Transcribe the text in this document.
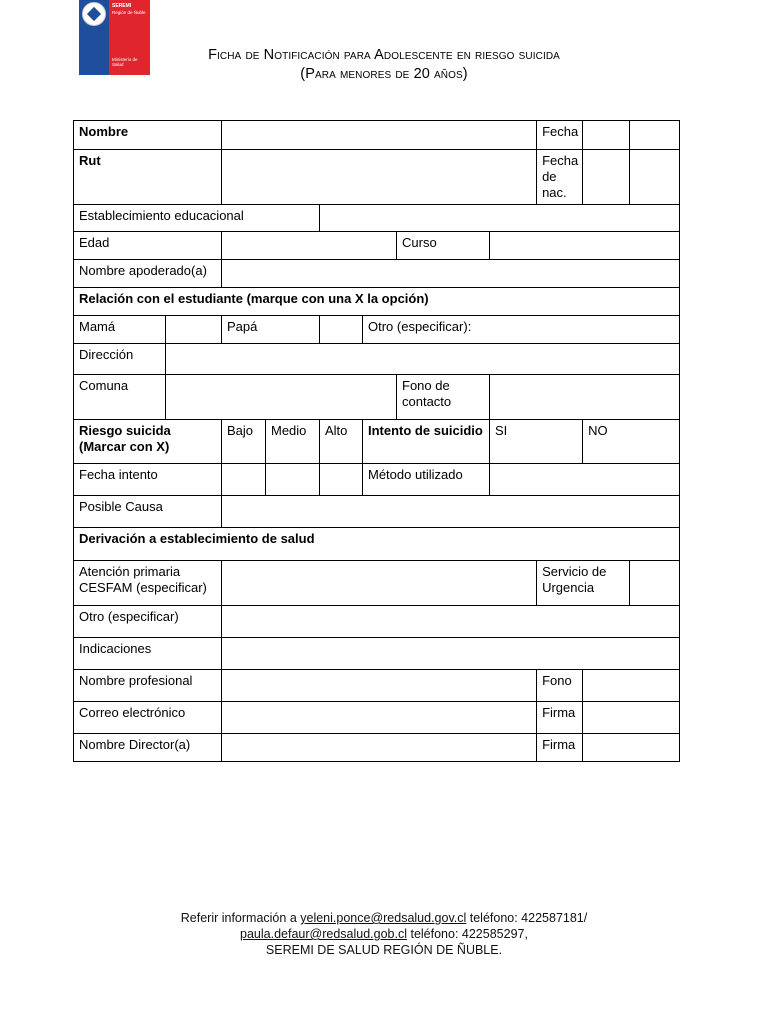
SEREMI
Región de Ñuble
Ministerio de Salud
Ficha de Notificación para Adolescente en riesgo suicida
(Para menores de 20 años)
Nombre								Fecha		
Rut								Fecha de nac.		
Establecimiento educacional										
Edad						Curso				
Nombre apoderado(a)										
Relación con el estudiante (marque con una X la opción)										
Mamá		Papá			Otro (especificar):					
Dirección										
Comuna						Fono de contacto				
Riesgo suicida (Marcar con X)		Bajo	Medio	Alto	Intento de suicidio		SI		NO	
Fecha intento					Método utilizado					
Posible Causa										
Derivación a establecimiento de salud										
Atención primaria CESFAM (especificar)								Servicio de Urgencia		
Otro (especificar)										
Indicaciones										
Nombre profesional								Fono		
Correo electrónico								Firma		
Nombre Director(a)								Firma		
Referir información a yeleni.ponce@redsalud.gov.cl teléfono: 422587181/
paula.defaur@redsalud.gob.cl teléfono: 422585297,
SEREMI DE SALUD REGIÓN DE ÑUBLE.
